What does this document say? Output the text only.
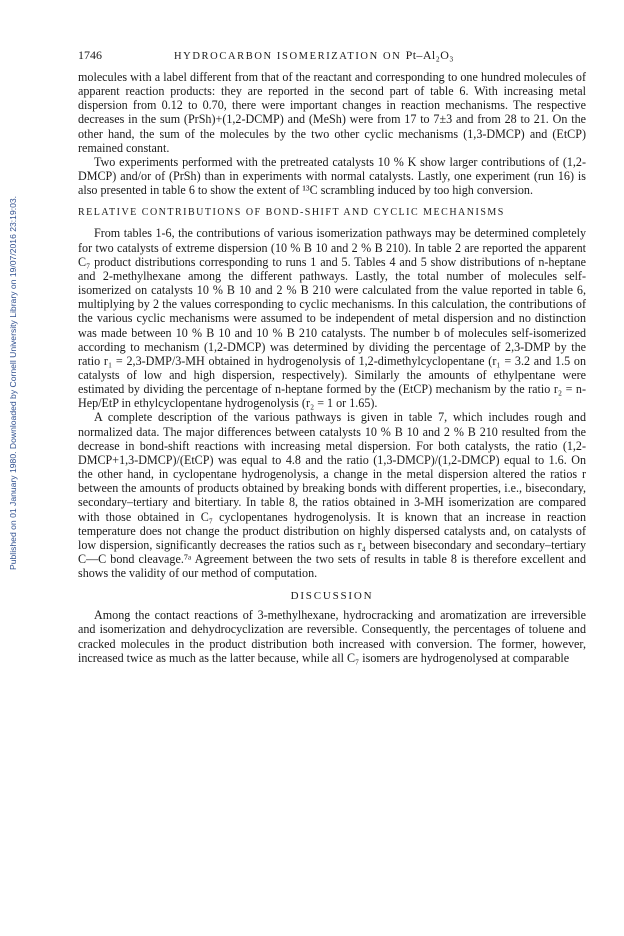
Published on 01 January 1980. Downloaded by Cornell University Library on 19/07/2016 23:19:03.
1746	HYDROCARBON ISOMERIZATION ON Pt–Al₂O₃

molecules with a label different from that of the reactant and corresponding to one hundred molecules of apparent reaction products: they are reported in the second part of table 6. With increasing metal dispersion from 0.12 to 0.70, there were important changes in reaction mechanisms. The respective decreases in the sum (PrSh)+(1,2-DCMP) and (MeSh) were from 17 to 7±3 and from 28 to 21. On the other hand, the sum of the molecules by the two other cyclic mechanisms (1,3-DMCP) and (EtCP) remained constant.

Two experiments performed with the pretreated catalysts 10 % K show larger contributions of (1,2-DMCP) and/or of (PrSh) than in experiments with normal catalysts. Lastly, one experiment (run 16) is also presented in table 6 to show the extent of ¹³C scrambling induced by too high conversion.

RELATIVE CONTRIBUTIONS OF BOND-SHIFT AND CYCLIC MECHANISMS

From tables 1-6, the contributions of various isomerization pathways may be determined completely for two catalysts of extreme dispersion (10 % B 10 and 2 % B 210). In table 2 are reported the apparent C₇ product distributions corresponding to runs 1 and 5. Tables 4 and 5 show distributions of n-heptane and 2-methylhexane among the different pathways. Lastly, the total number of molecules self-isomerized on catalysts 10 % B 10 and 2 % B 210 were calculated from the value reported in table 6, multiplying by 2 the values corresponding to cyclic mechanisms. In this calculation, the contributions of the various cyclic mechanisms were assumed to be independent of metal dispersion and no distinction was made between 10 % B 10 and 10 % B 210 catalysts. The number b of molecules self-isomerized according to mechanism (1,2-DMCP) was determined by dividing the percentage of 2,3-DMP by the ratio r₁ = 2,3-DMP/3-MH obtained in hydrogenolysis of 1,2-dimethylcyclopentane (r₁ = 3.2 and 1.5 on catalysts of low and high dispersion, respectively). Similarly the amounts of ethylpentane were estimated by dividing the percentage of n-heptane formed by the (EtCP) mechanism by the ratio r₂ = n-Hep/EtP in ethylcyclopentane hydrogenolysis (r₂ = 1 or 1.65).

A complete description of the various pathways is given in table 7, which includes rough and normalized data. The major differences between catalysts 10 % B 10 and 2 % B 210 resulted from the decrease in bond-shift reactions with increasing metal dispersion. For both catalysts, the ratio (1,2-DMCP+1,3-DMCP)/(EtCP) was equal to 4.8 and the ratio (1,3-DMCP)/(1,2-DMCP) equal to 1.6. On the other hand, in cyclopentane hydrogenolysis, a change in the metal dispersion altered the ratios r between the amounts of products obtained by breaking bonds with different properties, i.e., bisecondary, secondary–tertiary and bitertiary. In table 8, the ratios obtained in 3-MH isomerization are compared with those obtained in C₇ cyclopentanes hydrogenolysis. It is known that an increase in reaction temperature does not change the product distribution on highly dispersed catalysts and, on catalysts of low dispersion, significantly decreases the ratios such as r₄ between bisecondary and secondary–tertiary C—C bond cleavage.⁷ᵃ Agreement between the two sets of results in table 8 is therefore excellent and shows the validity of our method of computation.

DISCUSSION

Among the contact reactions of 3-methylhexane, hydrocracking and aromatization are irreversible and isomerization and dehydrocyclization are reversible. Consequently, the percentages of toluene and cracked molecules in the product distribution both increased with conversion. The former, however, increased twice as much as the latter because, while all C₇ isomers are hydrogenolysed at comparable
